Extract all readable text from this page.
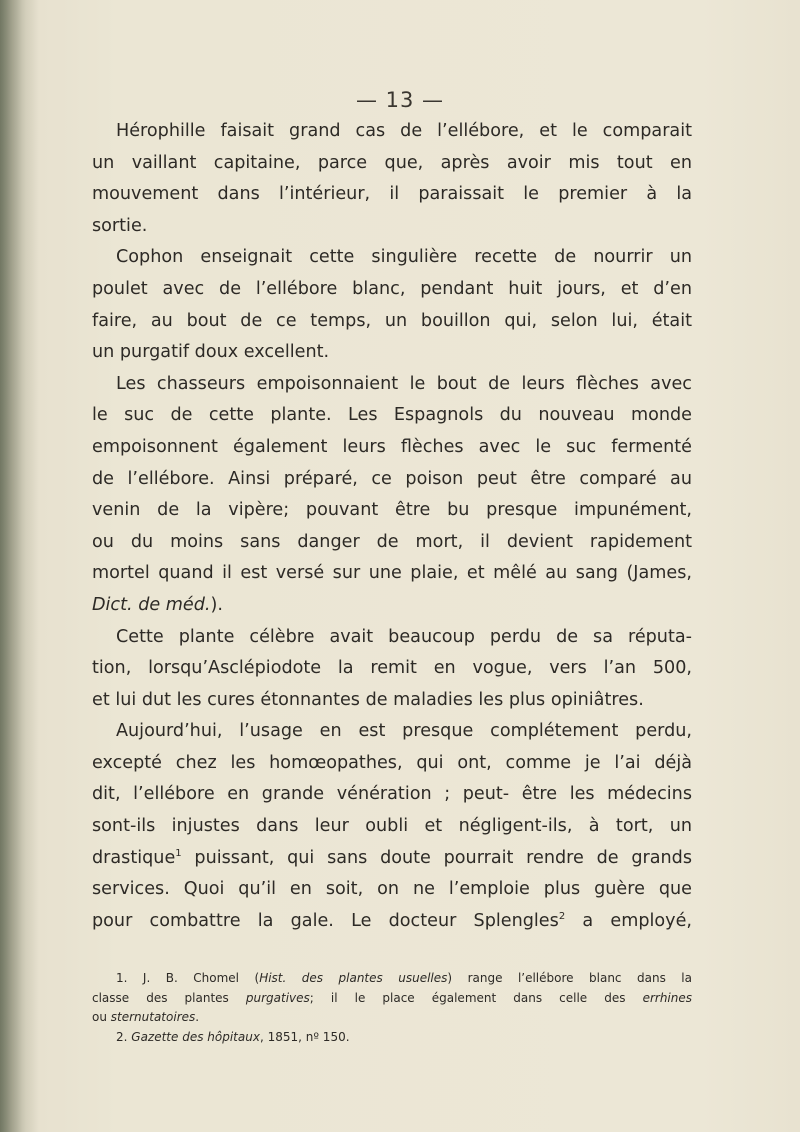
— 13 —
Hérophille faisait grand cas de l’ellébore, et le comparait
un vaillant capitaine, parce que, après avoir mis tout en
mouvement dans l’intérieur, il paraissait le premier à la
sortie.
Cophon enseignait cette singulière recette de nourrir un
poulet avec de l’ellébore blanc, pendant huit jours, et d’en
faire, au bout de ce temps, un bouillon qui, selon lui, était
un purgatif doux excellent.
Les chasseurs empoisonnaient le bout de leurs flèches avec
le suc de cette plante. Les Espagnols du nouveau monde
empoisonnent également leurs flèches avec le suc fermenté
de l’ellébore. Ainsi préparé, ce poison peut être comparé au
venin de la vipère; pouvant être bu presque impunément,
ou du moins sans danger de mort, il devient rapidement
mortel quand il est versé sur une plaie, et mêlé au sang (James,
Dict. de méd.).
Cette plante célèbre avait beaucoup perdu de sa réputa-
tion, lorsqu’Asclépiodote la remit en vogue, vers l’an 500,
et lui dut les cures étonnantes de maladies les plus opiniâtres.
Aujourd’hui, l’usage en est presque complétement perdu,
excepté chez les homœopathes, qui ont, comme je l’ai déjà
dit, l’ellébore en grande vénération ; peut- être les médecins
sont-ils injustes dans leur oubli et négligent-ils, à tort, un
drastique$^1$ puissant, qui sans doute pourrait rendre de grands
services. Quoi qu’il en soit, on ne l’emploie plus guère que
pour combattre la gale. Le docteur Splengles$^2$ a employé,
1. J. B. Chomel (Hist. des plantes usuelles) range l’ellébore blanc dans la
classe des plantes purgatives; il le place également dans celle des errhines
ou sternutatoires.
2. Gazette des hôpitaux, 1851, nº 150.
